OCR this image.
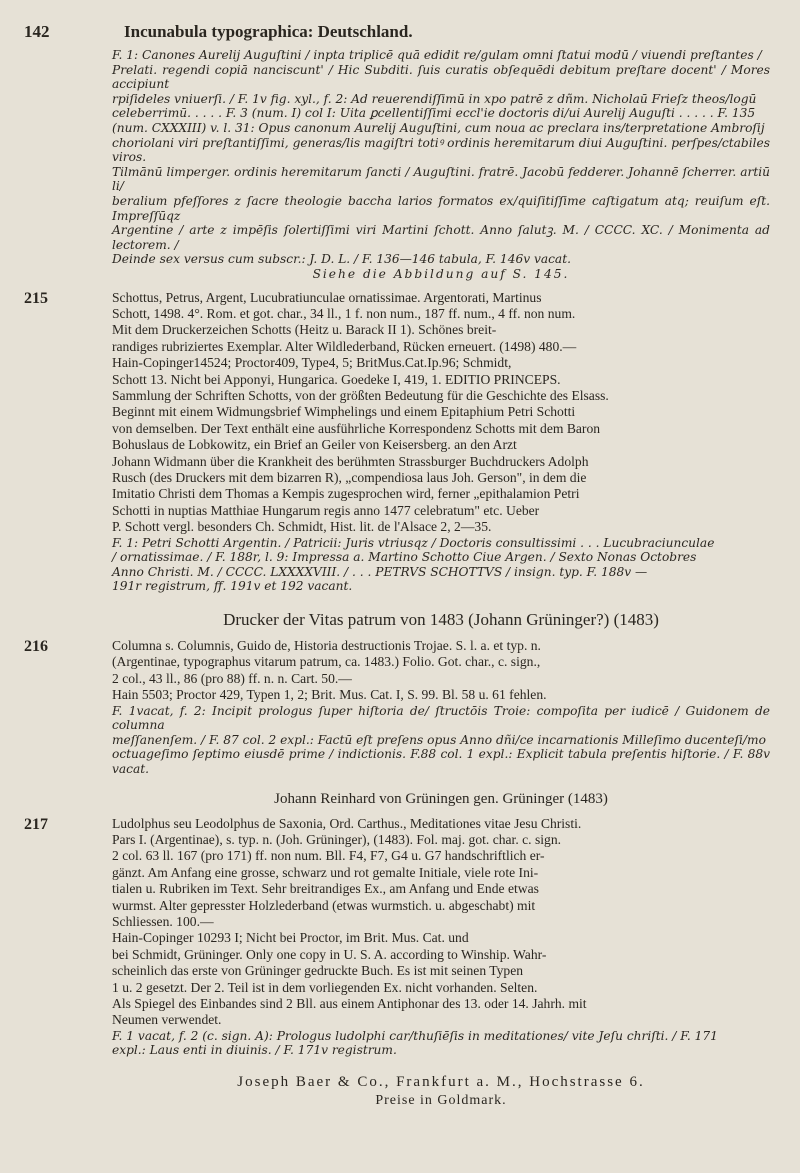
142	Incunabula typographica: Deutschland.

F. 1: Canones Aurelij Auguſtini / inpta triplicē quā edidit re/gulam omni ſtatui modū / viuendi preſtantes /

Prelati. regendi copiā nanciscunt' / Hic Subditi. ſuis curatis obſequēdi debitum preſtare docent' / Mores accipiunt

rpiſideles vniuerſi. / F. 1v fig. xyl., f. 2: Ad reuerendiſſimū in xpo patrē z dñm. Nicholaū Frieſz theos/logū

celeberrimū. . . . . F. 3 (num. I) col I: Uita ꝑcellentiſſimi eccl'ie doctoris di/ui Aurelij Auguſti . . . . . F. 135

(num. CXXXIII) v. l. 31: Opus canonum Aurelij Auguſtini, cum noua ac preclara ins/terpretatione Ambroſij

choriolani viri preſtantiſſimi, generas/lis magiſtri totiꝰ ordinis heremitarum diui Auguſtini. perſpes/ctabiles viros.

Tilmānū limperger. ordinis heremitarum ſancti / Auguſtini. fratrē. Jacobū fedderer. Johannē ſcherrer. artiū li/

beralium pfeſſores z ſacre theologie baccha larios formatos ex/quiſitiſſime caſtigatum atq; reuiſum eſt. Impreſſūqz

Argentine / arte z impēſis ſolertiſſimi viri Martini ſchott. Anno ſalutꝫ. M. / CCCC. XC. / Monimenta ad lectorem. /

Deinde sex versus cum subscr.: J. D. L. / F. 136—146 tabula, F. 146v vacat.

Siehe die Abbildung auf S. 145.

215	Schottus, Petrus, Argent, Lucubratiunculae ornatissimae. Argentorati, Martinus

Schott, 1498. 4°. Rom. et got. char., 34 ll., 1 f. non num., 187 ff. num., 4 ff. non num.

Mit dem Druckerzeichen Schotts (Heitz u. Barack II 1). Schönes breit-

randiges rubriziertes Exemplar. Alter Wildlederband, Rücken erneuert. (1498) 480.—

Hain-Copinger14524; Proctor409, Type4, 5; BritMus.Cat.Ip.96; Schmidt,

Schott 13. Nicht bei Apponyi, Hungarica. Goedeke I, 419, 1. EDITIO PRINCEPS.

Sammlung der Schriften Schotts, von der größten Bedeutung für die Geschichte des Elsass.

Beginnt mit einem Widmungsbrief Wimphelings und einem Epitaphium Petri Schotti

von demselben. Der Text enthält eine ausführliche Korrespondenz Schotts mit dem Baron

Bohuslaus de Lobkowitz, ein Brief an Geiler von Keisersberg. an den Arzt

Johann Widmann über die Krankheit des berühmten Strassburger Buchdruckers Adolph

Rusch (des Druckers mit dem bizarren R), „compendiosa laus Joh. Gerson", in dem die

Imitatio Christi dem Thomas a Kempis zugesprochen wird, ferner „epithalamion Petri

Schotti in nuptias Matthiae Hungarum regis anno 1477 celebratum" etc. Ueber

P. Schott vergl. besonders Ch. Schmidt, Hist. lit. de l'Alsace 2, 2—35.

F. 1: Petri Schotti Argentin. / Patricii: Juris vtriusqz / Doctoris consultissimi . . . Lucubraciunculae

/ ornatissimae. / F. 188r, l. 9: Impressa a. Martino Schotto Ciue Argen. / Sexto Nonas Octobres

Anno Christi. M. / CCCC. LXXXXVIII. / . . . PETRVS SCHOTTVS / insign. typ. F. 188v —

191r registrum, ff. 191v et 192 vacant.

Drucker der Vitas patrum von 1483 (Johann Grüninger?) (1483)
216	Columna s. Columnis, Guido de, Historia destructionis Trojae. S. l. a. et typ. n.

(Argentinae, typographus vitarum patrum, ca. 1483.) Folio. Got. char., c. sign.,

2 col., 43 ll., 86 (pro 88) ff. n. n. Cart. 50.—

Hain 5503; Proctor 429, Typen 1, 2; Brit. Mus. Cat. I, S. 99. Bl. 58 u. 61 fehlen.

F. 1vacat, f. 2: Incipit prologus ſuper hiſtoria de/ ſtructōis Troie: compoſita per iudicē / Guidonem de columna

meſſanenſem. / F. 87 col. 2 expl.: Factū eſt preſens opus Anno dñi/ce incarnationis Milleſimo ducenteſi/mo

octuageſimo ſeptimo eiusdē prime / indictionis. F.88 col. 1 expl.: Explicit tabula preſentis hiſtorie. / F. 88v vacat.

Johann Reinhard von Grüningen gen. Grüninger (1483)
217	Ludolphus seu Leodolphus de Saxonia, Ord. Carthus., Meditationes vitae Jesu Christi.

Pars I. (Argentinae), s. typ. n. (Joh. Grüninger), (1483). Fol. maj. got. char. c. sign.

2 col. 63 ll. 167 (pro 171) ff. non num. Bll. F4, F7, G4 u. G7 handschriftlich er-

gänzt. Am Anfang eine grosse, schwarz und rot gemalte Initiale, viele rote Ini-

tialen u. Rubriken im Text. Sehr breitrandiges Ex., am Anfang und Ende etwas

wurmst. Alter gepresster Holzlederband (etwas wurmstich. u. abgeschabt) mit

Schliessen. 100.—

Hain-Copinger 10293 I; Nicht bei Proctor, im Brit. Mus. Cat. und

bei Schmidt, Grüninger. Only one copy in U. S. A. according to Winship. Wahr-

scheinlich das erste von Grüninger gedruckte Buch. Es ist mit seinen Typen

1 u. 2 gesetzt. Der 2. Teil ist in dem vorliegenden Ex. nicht vorhanden. Selten.

Als Spiegel des Einbandes sind 2 Bll. aus einem Antiphonar des 13. oder 14. Jahrh. mit

Neumen verwendet.

F. 1 vacat, f. 2 (c. sign. A): Prologus ludolphi car/thuſiēſis in meditationes/ vite Jeſu chriſti. / F. 171

expl.: Laus enti in diuinis. / F. 171v registrum.

Joseph Baer & Co., Frankfurt a. M., Hochstrasse 6.
Preise in Goldmark.
